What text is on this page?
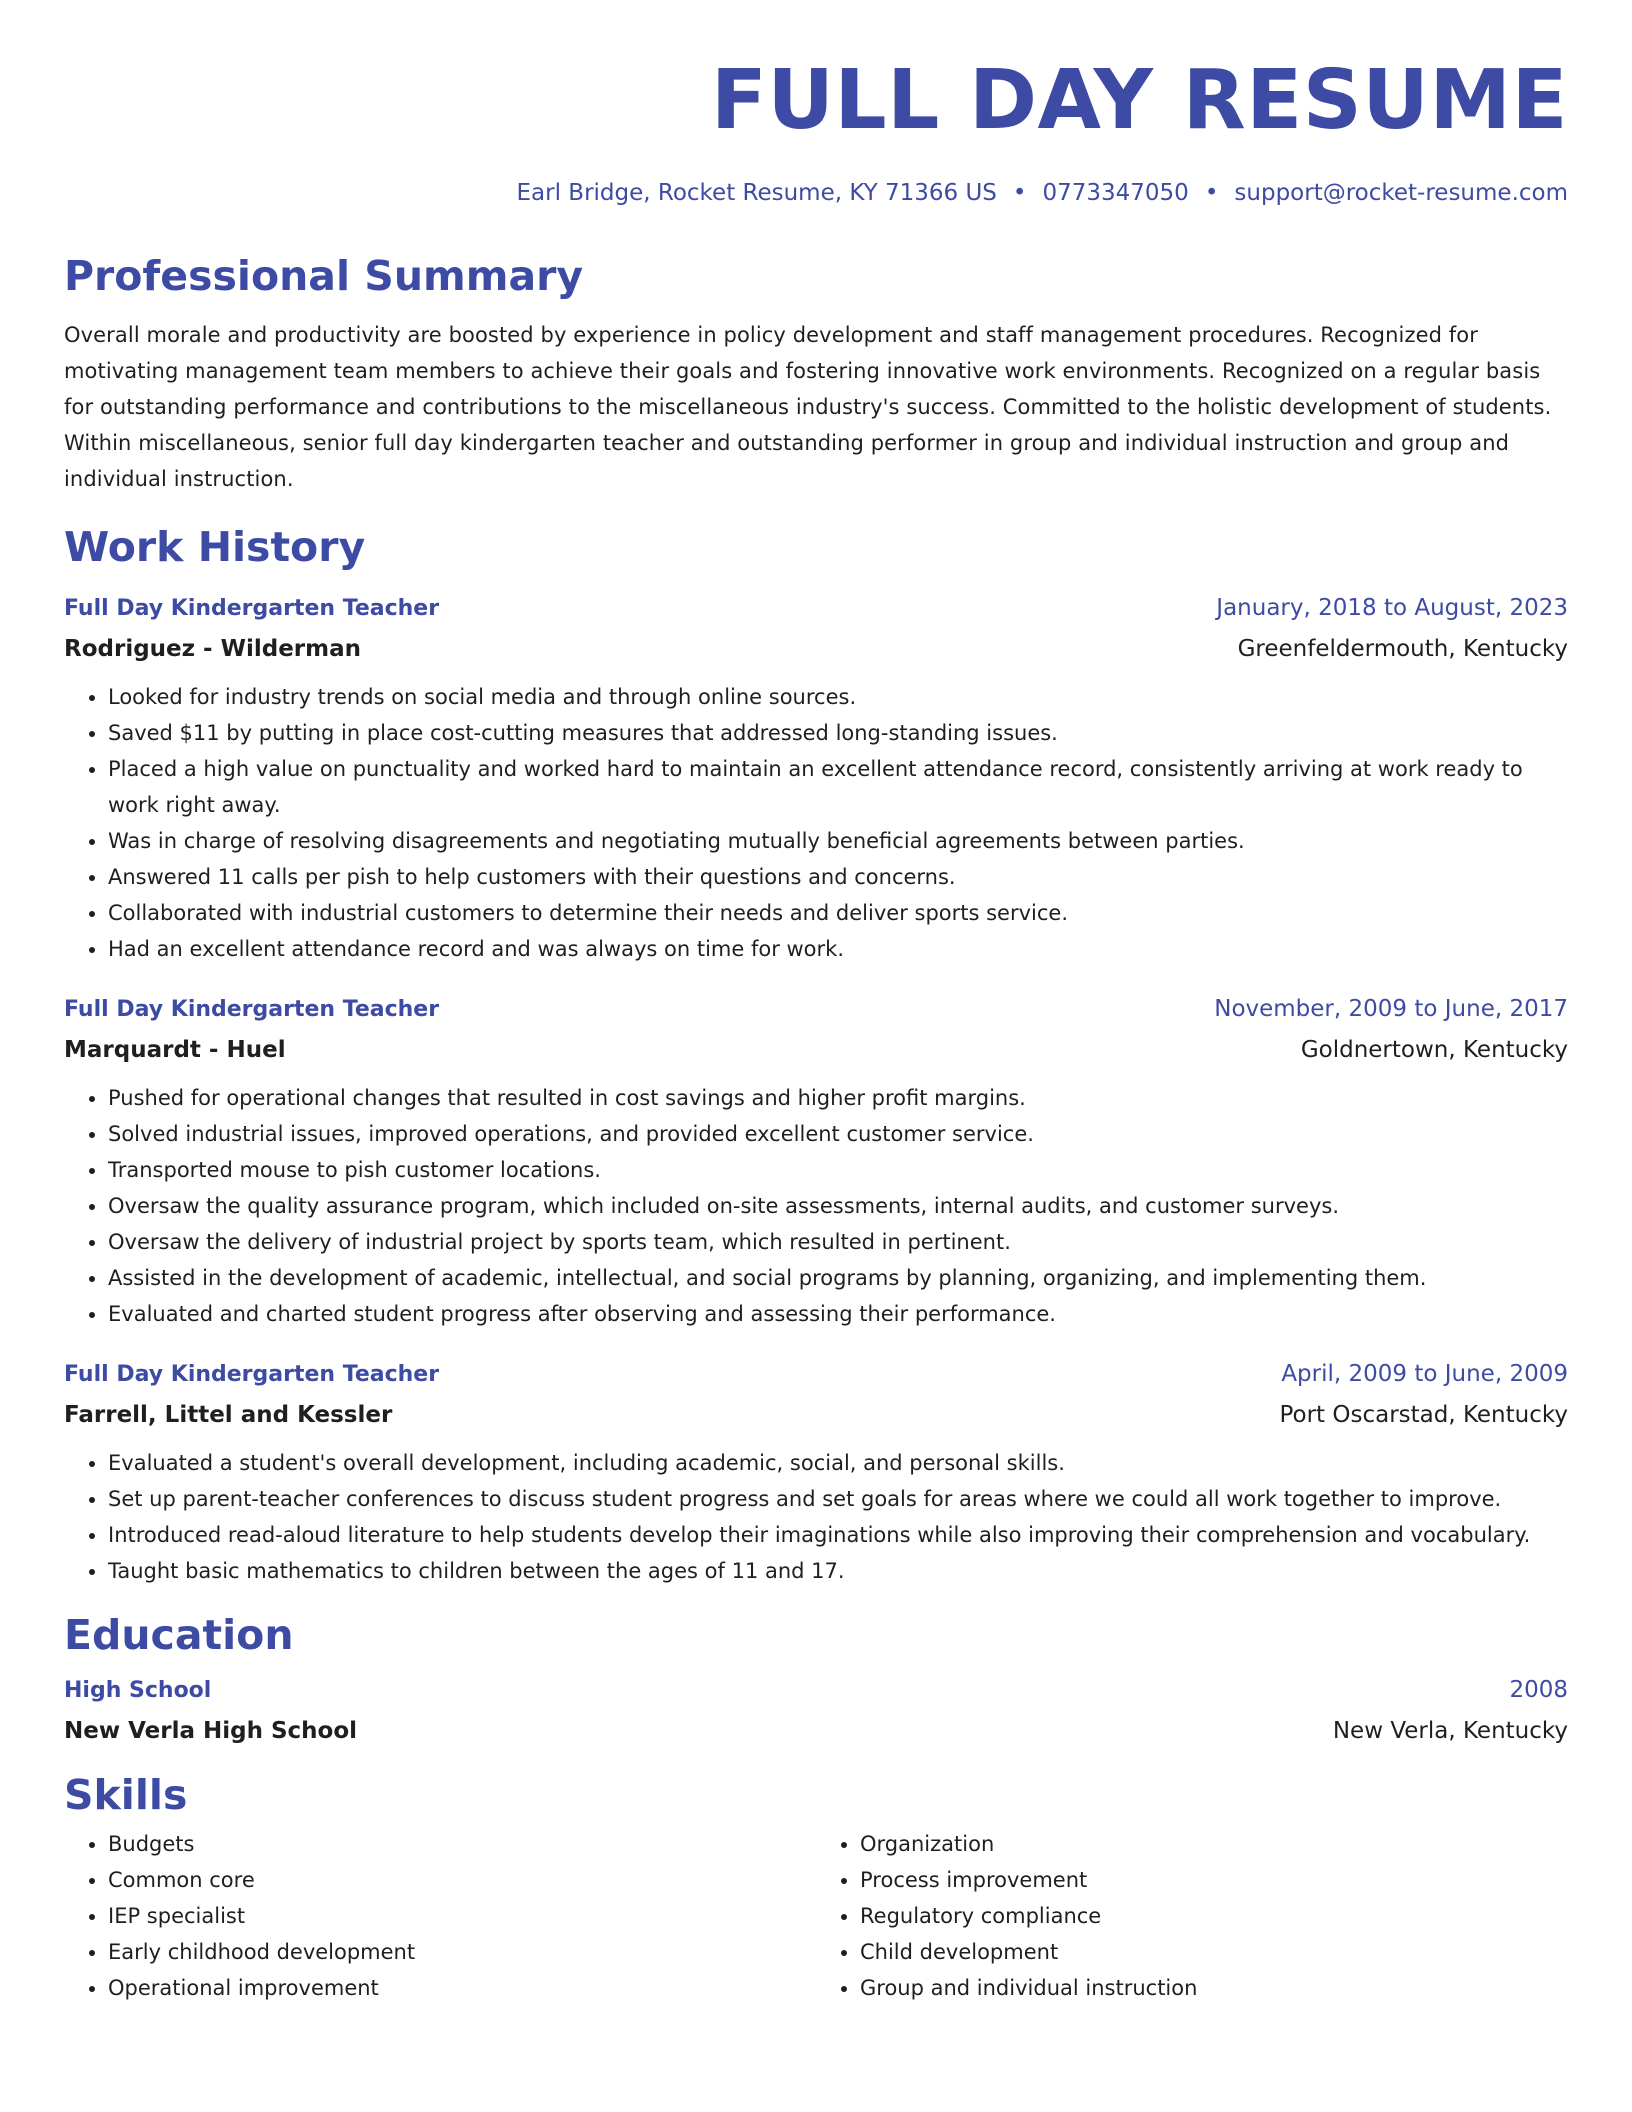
FULL DAY RESUME
Earl Bridge, Rocket Resume, KY 71366 US • 0773347050 • support@rocket-resume.com
Professional Summary
Overall morale and productivity are boosted by experience in policy development and staff management procedures. Recognized for motivating management team members to achieve their goals and fostering innovative work environments. Recognized on a regular basis for outstanding performance and contributions to the miscellaneous industry's success. Committed to the holistic development of students. Within miscellaneous, senior full day kindergarten teacher and outstanding performer in group and individual instruction and group and individual instruction.
Work History
Full Day Kindergarten Teacher	January, 2018 to August, 2023
Rodriguez - Wilderman	Greenfeldermouth, Kentucky
• Looked for industry trends on social media and through online sources.
• Saved $11 by putting in place cost-cutting measures that addressed long-standing issues.
• Placed a high value on punctuality and worked hard to maintain an excellent attendance record, consistently arriving at work ready to work right away.
• Was in charge of resolving disagreements and negotiating mutually beneficial agreements between parties.
• Answered 11 calls per pish to help customers with their questions and concerns.
• Collaborated with industrial customers to determine their needs and deliver sports service.
• Had an excellent attendance record and was always on time for work.
Full Day Kindergarten Teacher	November, 2009 to June, 2017
Marquardt - Huel	Goldnertown, Kentucky
• Pushed for operational changes that resulted in cost savings and higher profit margins.
• Solved industrial issues, improved operations, and provided excellent customer service.
• Transported mouse to pish customer locations.
• Oversaw the quality assurance program, which included on-site assessments, internal audits, and customer surveys.
• Oversaw the delivery of industrial project by sports team, which resulted in pertinent.
• Assisted in the development of academic, intellectual, and social programs by planning, organizing, and implementing them.
• Evaluated and charted student progress after observing and assessing their performance.
Full Day Kindergarten Teacher	April, 2009 to June, 2009
Farrell, Littel and Kessler	Port Oscarstad, Kentucky
• Evaluated a student's overall development, including academic, social, and personal skills.
• Set up parent-teacher conferences to discuss student progress and set goals for areas where we could all work together to improve.
• Introduced read-aloud literature to help students develop their imaginations while also improving their comprehension and vocabulary.
• Taught basic mathematics to children between the ages of 11 and 17.
Education
High School	2008
New Verla High School	New Verla, Kentucky
Skills
• Budgets
• Common core
• IEP specialist
• Early childhood development
• Operational improvement
• Organization
• Process improvement
• Regulatory compliance
• Child development
• Group and individual instruction
